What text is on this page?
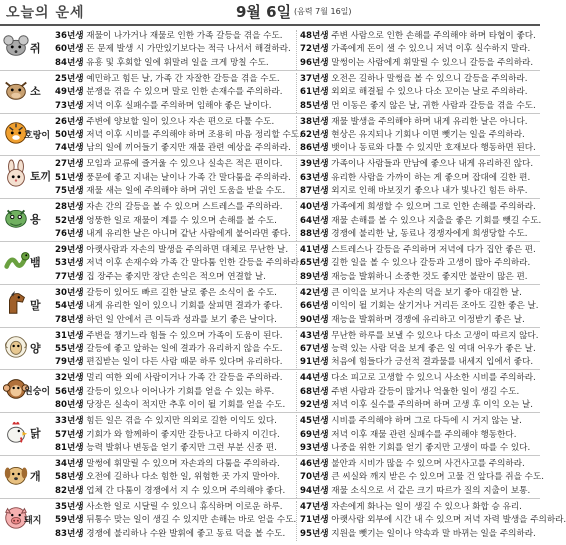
오늘의 운세	9월 6일 (음력 7월 16일)
쥐
36년생 재물이 나가거나 재물로 인한 가족 갈등을 겪을 수도.
60년생 돈 문제 발생 시 가만있기보다는 적극 나서서 해결하라.
84년생 유흥 및 후회할 일에 휘말려 일을 크게 망칠 수도.
48년생 주변 사람으로 인한 손해를 주의해야 하며 타협이 좋다.
72년생 가족에게 돈이 샐 수 있으니 저녁 이후 실수하지 말라.
96년생 말썽이는 사람에게 휘말릴 수 있으니 갈등을 주의하라.
소
25년생 예민하고 힘든 날, 가족 간 자잘한 갈등을 겪을 수도.
49년생 분쟁을 겪을 수 있으며 말로 인한 손재수를 주의하라.
73년생 저녁 이후 실패수를 주의하며 임해야 좋은 날이다.
37년생 오전은 길하나 말썽을 볼 수 있으니 갈등을 주의하라.
61년생 외외로 해결될 수 있으나 다소 꼬이는 날로 주의하라.
85년생 먼 이동은 좋지 않은 날, 귀한 사람과 갈등을 겪을 수도.
호랑이
26년생 주변에 양보할 일이 있으나 자손 편으로 다툴 수도.
50년생 저녁 이후 시비를 주의해야 하며 조용히 마음 정리할 수도.
74년생 남의 일에 끼어들기 좋지만 재물 관련 예상을 주의하라.
38년생 재물 발생을 주의해야 하며 내게 유리한 날은 아니다.
62년생 현상은 유지되나 기회나 이면 뺏기는 일을 주의하라.
86년생 뱃이나 동료와 다툴 수 있지만 호재보다 행동하면 된다.
토끼
27년생 모임과 교류에 즐거울 수 있으나 실속은 적은 편이다.
51년생 풍문에 좋고 지내는 날이나 가족 간 말다툼을 주의하라.
75년생 재물 새는 일에 주의해야 하며 귀인 도움을 받을 수도.
39년생 가족이나 사람들과 만남에 좋으나 내게 유리하진 않다.
63년생 유리한 사람을 가까이 하는 게 좋으며 잡대에 길한 편.
87년생 외지로 인해 바보짓기 좋으나 내가 빛나긴 힘든 하루.
용
28년생 자손 간의 갈등을 볼 수 있으며 스트레스를 주의하라.
52년생 엉뚱한 일로 재물이 계를 수 있으며 손해를 볼 수도.
76년생 내게 유리한 날은 아니며 같난 사람에게 붙어라면 좋다.
40년생 가족에게 희생할 수 있으며 그로 인한 손해를 주의하라.
64년생 재물 손해를 볼 수 있으나 지출을 좋은 기회를 뺏길 수도.
88년생 경쟁에 불리한 날, 동료나 경쟁자에게 희생당할 수도.
뱀
29년생 아랫사람과 자손의 발생을 주의하면 대체로 무난한 날.
53년생 저녁 이후 손재수와 가족 간 말다툼 인한 갈등을 주의하라.
77년생 집 장주는 좋지만 장단 손익은 적으며 연결할 날.
41년생 스트레스나 갈등을 주의하며 저녁에 다가 집안 좋은 편.
65년생 길한 일을 볼 수 있으나 갈등과 고생이 많아 주의하라.
89년생 재능을 발휘하니 소중한 것도 좋지만 불란이 많은 편.
말
30년생 갈등이 있어도 빠르 길한 날로 좋은 소식이 올 수도.
54년생 내게 유리한 일이 있으니 기회를 살피면 결과가 좋다.
78년생 하던 일 안에서 큰 이득과 성과를 보기 좋은 날이다.
42년생 큰 이익을 보거나 자손의 덕을 보기 좋아 대길한 날.
66년생 이익이 될 기회는 살기거나 거리든 조아도 길한 좋은 날.
90년생 재능을 발휘하며 경쟁에 유리하고 이정받기 좋은 날.
양
31년생 주변을 챙기느라 힘들 수 있으며 가족이 도움이 된다.
55년생 갈등에 좋고 앞하는 일에 결과가 유리하지 않을 수도.
79년생 편집받는 일이 다든 사람 때문 하루 있다며 유리하다.
43년생 무난한 하루를 보낼 수 있으나 다소 고생이 따르지 않다.
67년생 능력 있는 사람 덕을 보게 좋은 일 여대 어우가 좋은 날.
91년생 처음에 힘들다가 긍선적 결과물를 내세지 입에서 좋다.
원숭이
32년생 멀리 여한 외에 사람이거나 가족 간 갈등을 주의하라.
56년생 갈등이 있으나 이어나가 기회를 얻을 수 있는 하루.
80년생 당장은 실속이 적지만 추후 이이 될 기회를 얻을 수도.
44년생 다소 피고로 고생할 수 있으니 사소한 시비를 주의하라.
68년생 주변 사람과 갈등이 많거나 억울한 일이 생길 수도.
92년생 저녁 이후 실수를 주의하며 하며 고생 후 이익 오는 날.
닭
33년생 힘든 일은 겪을 수 있지만 의외로 길한 이익도 있다.
57년생 기회가 와 함께하이 좋지만 갈등나고 다하지 이긴다.
81년생 능력 발휘나 변동을 얻기 좋지만 그런 부분 신중 편.
45년생 시비를 주의해야 하며 그로 다득에 시 거지 않는 날.
69년생 저녁 이후 재물 관련 실패수를 주의해야 행동한다.
93년생 나중을 위한 기회를 얻기 좋지만 고생이 따를 수 있다.
개
34년생 말썽에 휘말릴 수 있으며 자손과의 다툼을 주의하라.
58년생 오전에 길하나 다소 힘한 일, 위험한 곳 가지 말아야.
82년생 업체 간 다툼이 경쟁에서 지 수 있으며 주의해야 좋다.
46년생 불안과 시비가 많을 수 있으며 사건사고를 주의하라.
70년생 큰 씨실와 깨지 받은 수 있으며 고물 건 앞다를 쥐을 수도.
94년생 재물 소식으로 서 같은 크기 따르가 질의 지출이 보통.
돼지
35년생 사소한 일로 시달릴 수 있으니 휴식하며 이로운 하루.
59년생 뒤통수 맞는 일이 생길 수 있지만 손해는 바로 얻을 수도.
83년생 경쟁에 불리하나 수완 발휘에 좋고 동료 덕을 볼 수도.
47년생 자손에게 화나는 일이 생길 수 있으나 화합 승 유리.
71년생 아랫사람 외부에 시간 내 수 있으며 저녁 자력 발생을 주의하라.
95년생 지원을 뺏기는 일이나 약속과 말 바뀌는 일을 주의하라.
